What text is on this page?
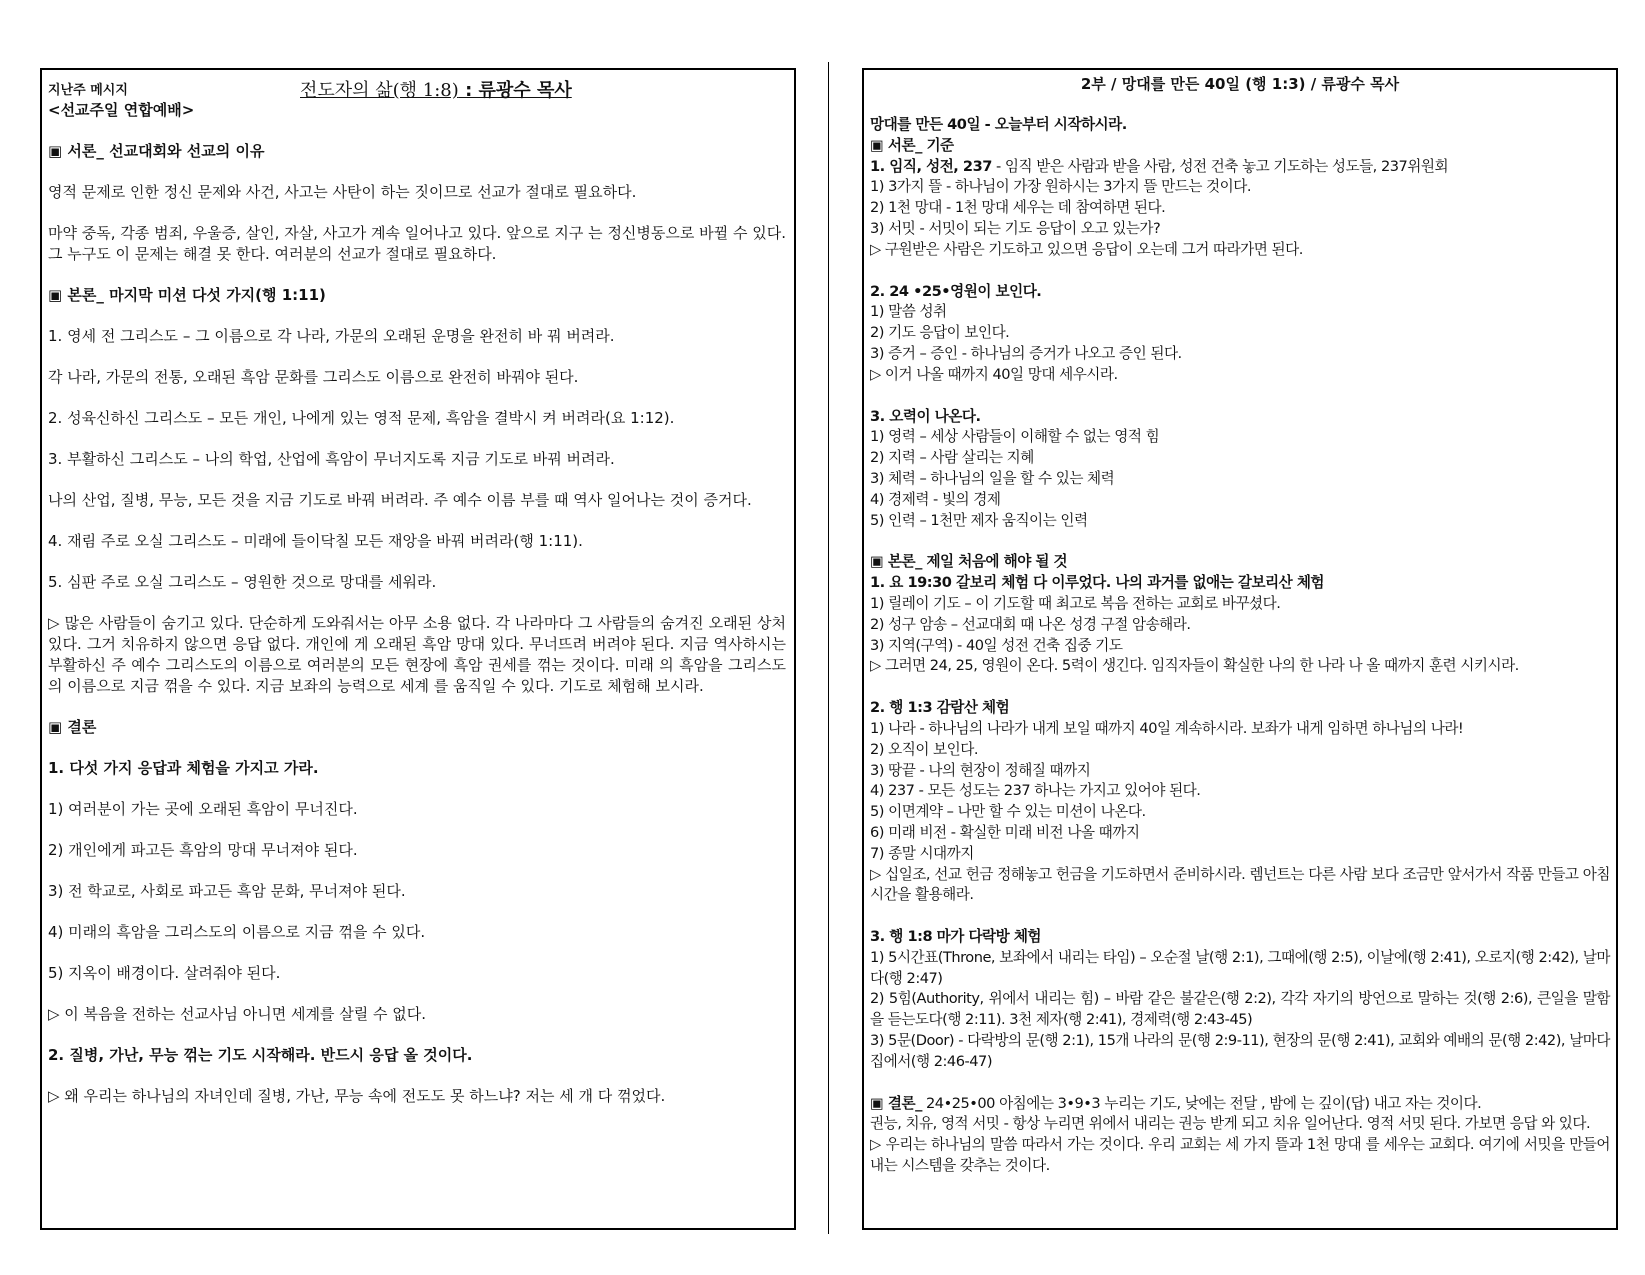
지난주 메시지	전도자의 삶(행 1:8) : 류광수 목사

<선교주일 연합예배>

▣ 서론_ 선교대회와 선교의 이유

영적 문제로 인한 정신 문제와 사건, 사고는 사탄이 하는 짓이므로 선교가 절대로 필요하다.

마약 중독, 각종 범죄, 우울증, 살인, 자살, 사고가 계속 일어나고 있다. 앞으로 지구 는 정신병동으로 바뀔 수 있다. 그 누구도 이 문제는 해결 못 한다. 여러분의 선교가 절대로 필요하다.

▣ 본론_ 마지막 미션 다섯 가지(행 1:11)

1. 영세 전 그리스도 – 그 이름으로 각 나라, 가문의 오래된 운명을 완전히 바 꿔 버려라.

각 나라, 가문의 전통, 오래된 흑암 문화를 그리스도 이름으로 완전히 바꿔야 된다.

2. 성육신하신 그리스도 – 모든 개인, 나에게 있는 영적 문제, 흑암을 결박시 켜 버려라(요 1:12).

3. 부활하신 그리스도 – 나의 학업, 산업에 흑암이 무너지도록 지금 기도로 바꿔 버려라.

나의 산업, 질병, 무능, 모든 것을 지금 기도로 바꿔 버려라. 주 예수 이름 부를 때 역사 일어나는 것이 증거다.

4. 재림 주로 오실 그리스도 – 미래에 들이닥칠 모든 재앙을 바꿔 버려라(행 1:11).

5. 심판 주로 오실 그리스도 – 영원한 것으로 망대를 세워라.

▷ 많은 사람들이 숨기고 있다. 단순하게 도와줘서는 아무 소용 없다. 각 나라마다 그 사람들의 숨겨진 오래된 상처 있다. 그거 치유하지 않으면 응답 없다. 개인에 게 오래된 흑암 망대 있다. 무너뜨려 버려야 된다. 지금 역사하시는 부활하신 주 예수 그리스도의 이름으로 여러분의 모든 현장에 흑암 권세를 꺾는 것이다. 미래 의 흑암을 그리스도의 이름으로 지금 꺾을 수 있다. 지금 보좌의 능력으로 세계 를 움직일 수 있다. 기도로 체험해 보시라.

▣ 결론

1. 다섯 가지 응답과 체험을 가지고 가라.

1) 여러분이 가는 곳에 오래된 흑암이 무너진다.

2) 개인에게 파고든 흑암의 망대 무너져야 된다.

3) 전 학교로, 사회로 파고든 흑암 문화, 무너져야 된다.

4) 미래의 흑암을 그리스도의 이름으로 지금 꺾을 수 있다.

5) 지옥이 배경이다. 살려줘야 된다.

▷ 이 복음을 전하는 선교사님 아니면 세계를 살릴 수 없다.

2. 질병, 가난, 무능 꺾는 기도 시작해라. 반드시 응답 올 것이다.

▷ 왜 우리는 하나님의 자녀인데 질병, 가난, 무능 속에 전도도 못 하느냐? 저는 세 개 다 꺾었다.

2부 / 망대를 만든 40일 (행 1:3) / 류광수 목사

망대를 만든 40일 - 오늘부터 시작하시라.

▣ 서론_ 기준

1. 임직, 성전, 237 - 임직 받은 사람과 받을 사람, 성전 건축 놓고 기도하는 성도들, 237위원회

1) 3가지 뜰 - 하나님이 가장 원하시는 3가지 뜰 만드는 것이다.

2) 1천 망대 - 1천 망대 세우는 데 참여하면 된다.

3) 서밋 - 서밋이 되는 기도 응답이 오고 있는가?

▷ 구원받은 사람은 기도하고 있으면 응답이 오는데 그거 따라가면 된다.

2. 24 •25•영원이 보인다.

1) 말씀 성취

2) 기도 응답이 보인다.

3) 증거 – 증인 - 하나님의 증거가 나오고 증인 된다.

▷ 이거 나올 때까지 40일 망대 세우시라.

3. 오력이 나온다.

1) 영력 – 세상 사람들이 이해할 수 없는 영적 힘

2) 지력 – 사람 살리는 지혜

3) 체력 – 하나님의 일을 할 수 있는 체력

4) 경제력 - 빛의 경제

5) 인력 – 1천만 제자 움직이는 인력

▣ 본론_ 제일 처음에 해야 될 것

1. 요 19:30 갈보리 체험 다 이루었다. 나의 과거를 없애는 갈보리산 체험

1) 릴레이 기도 – 이 기도할 때 최고로 복음 전하는 교회로 바꾸셨다.

2) 성구 암송 – 선교대회 때 나온 성경 구절 암송해라.

3) 지역(구역) - 40일 성전 건축 집중 기도

▷ 그러면 24, 25, 영원이 온다. 5력이 생긴다. 임직자들이 확실한 나의 한 나라 나 올 때까지 훈련 시키시라.

2. 행 1:3 감람산 체험

1) 나라 - 하나님의 나라가 내게 보일 때까지 40일 계속하시라. 보좌가 내게 임하면 하나님의 나라!

2) 오직이 보인다.

3) 땅끝 - 나의 현장이 정해질 때까지

4) 237 - 모든 성도는 237 하나는 가지고 있어야 된다.

5) 이면계약 – 나만 할 수 있는 미션이 나온다.

6) 미래 비전 - 확실한 미래 비전 나올 때까지

7) 종말 시대까지

▷ 십일조, 선교 헌금 정해놓고 헌금을 기도하면서 준비하시라. 렘넌트는 다른 사람 보다 조금만 앞서가서 작품 만들고 아침 시간을 활용해라.

3. 행 1:8 마가 다락방 체험

1) 5시간표(Throne, 보좌에서 내리는 타임) – 오순절 날(행 2:1), 그때에(행 2:5), 이날에(행 2:41), 오로지(행 2:42), 날마다(행 2:47)

2) 5힘(Authority, 위에서 내리는 힘) – 바람 같은 불같은(행 2:2), 각각 자기의 방언으로 말하는 것(행 2:6), 큰일을 말함을 듣는도다(행 2:11). 3천 제자(행 2:41), 경제력(행 2:43-45)

3) 5문(Door) - 다락방의 문(행 2:1), 15개 나라의 문(행 2:9-11), 현장의 문(행 2:41), 교회와 예배의 문(행 2:42), 날마다 집에서(행 2:46-47)

▣ 결론_ 24•25•00 아침에는 3•9•3 누리는 기도, 낮에는 전달 , 밤에 는 깊이(답) 내고 자는 것이다.

권능, 치유, 영적 서밋 - 항상 누리면 위에서 내리는 권능 받게 되고 치유 일어난다. 영적 서밋 된다. 가보면 응답 와 있다.

▷ 우리는 하나님의 말씀 따라서 가는 것이다. 우리 교회는 세 가지 뜰과 1천 망대 를 세우는 교회다. 여기에 서밋을 만들어 내는 시스템을 갖추는 것이다.
